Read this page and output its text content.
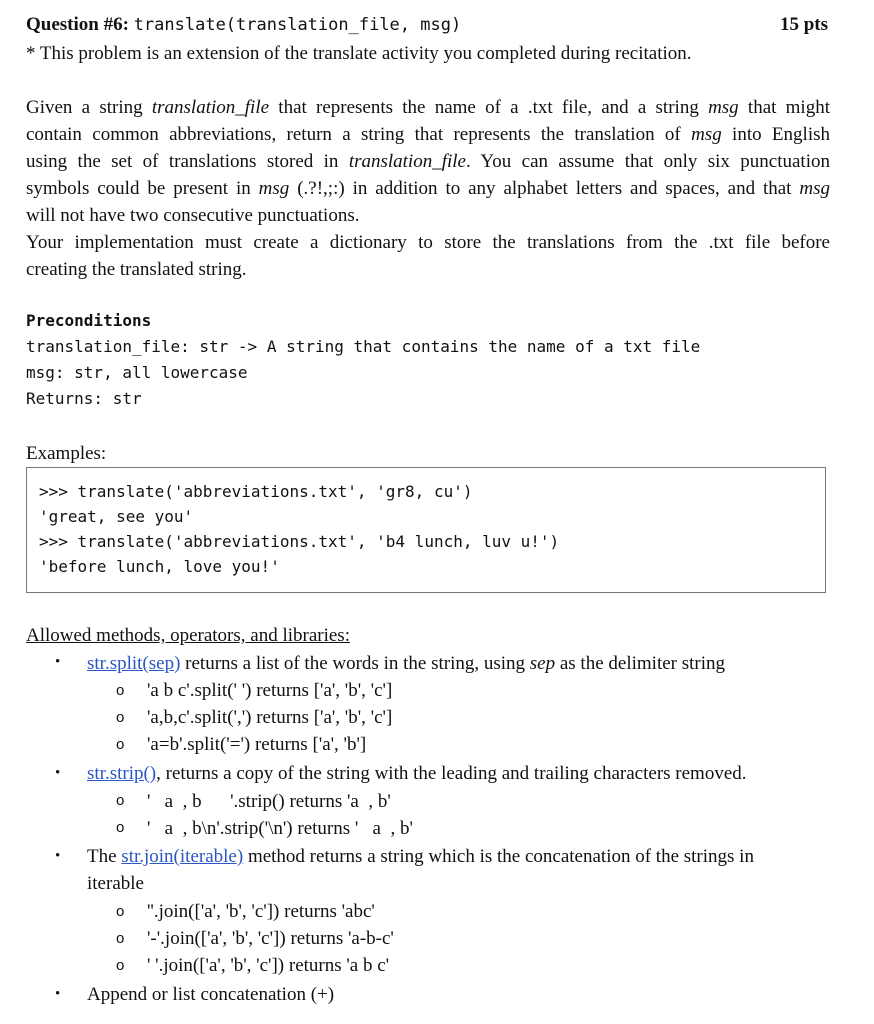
Question #6: translate(translation_file, msg)	15 pts
* This problem is an extension of the translate activity you completed during recitation.
Given a string translation_file that represents the name of a .txt file, and a string msg that might
contain common abbreviations, return a string that represents the translation of msg into English
using the set of translations stored in translation_file. You can assume that only six punctuation
symbols could be present in msg (.?!,;:) in addition to any alphabet letters and spaces, and that msg
will not have two consecutive punctuations.
Your implementation must create a dictionary to store the translations from the .txt file before
creating the translated string.
Preconditions
translation_file: str -> A string that contains the name of a txt file
msg: str, all lowercase
Returns: str
Examples:
>>> translate('abbreviations.txt', 'gr8, cu')
'great, see you'
>>> translate('abbreviations.txt', 'b4 lunch, luv u!')
'before lunch, love you!'
Allowed methods, operators, and libraries:
• str.split(sep) returns a list of the words in the string, using sep as the delimiter string
o 'a b c'.split(' ') returns ['a', 'b', 'c']
o 'a,b,c'.split(',') returns ['a', 'b', 'c']
o 'a=b'.split('=') returns ['a', 'b']
• str.strip(), returns a copy of the string with the leading and trailing characters removed.
o '   a  , b      '.strip() returns 'a  , b'
o '   a  , b\n'.strip('\n') returns '   a  , b'
• The str.join(iterable) method returns a string which is the concatenation of the strings in
iterable
o ''.join(['a', 'b', 'c']) returns 'abc'
o '-'.join(['a', 'b', 'c']) returns 'a-b-c'
o ' '.join(['a', 'b', 'c']) returns 'a b c'
• Append or list concatenation (+)
